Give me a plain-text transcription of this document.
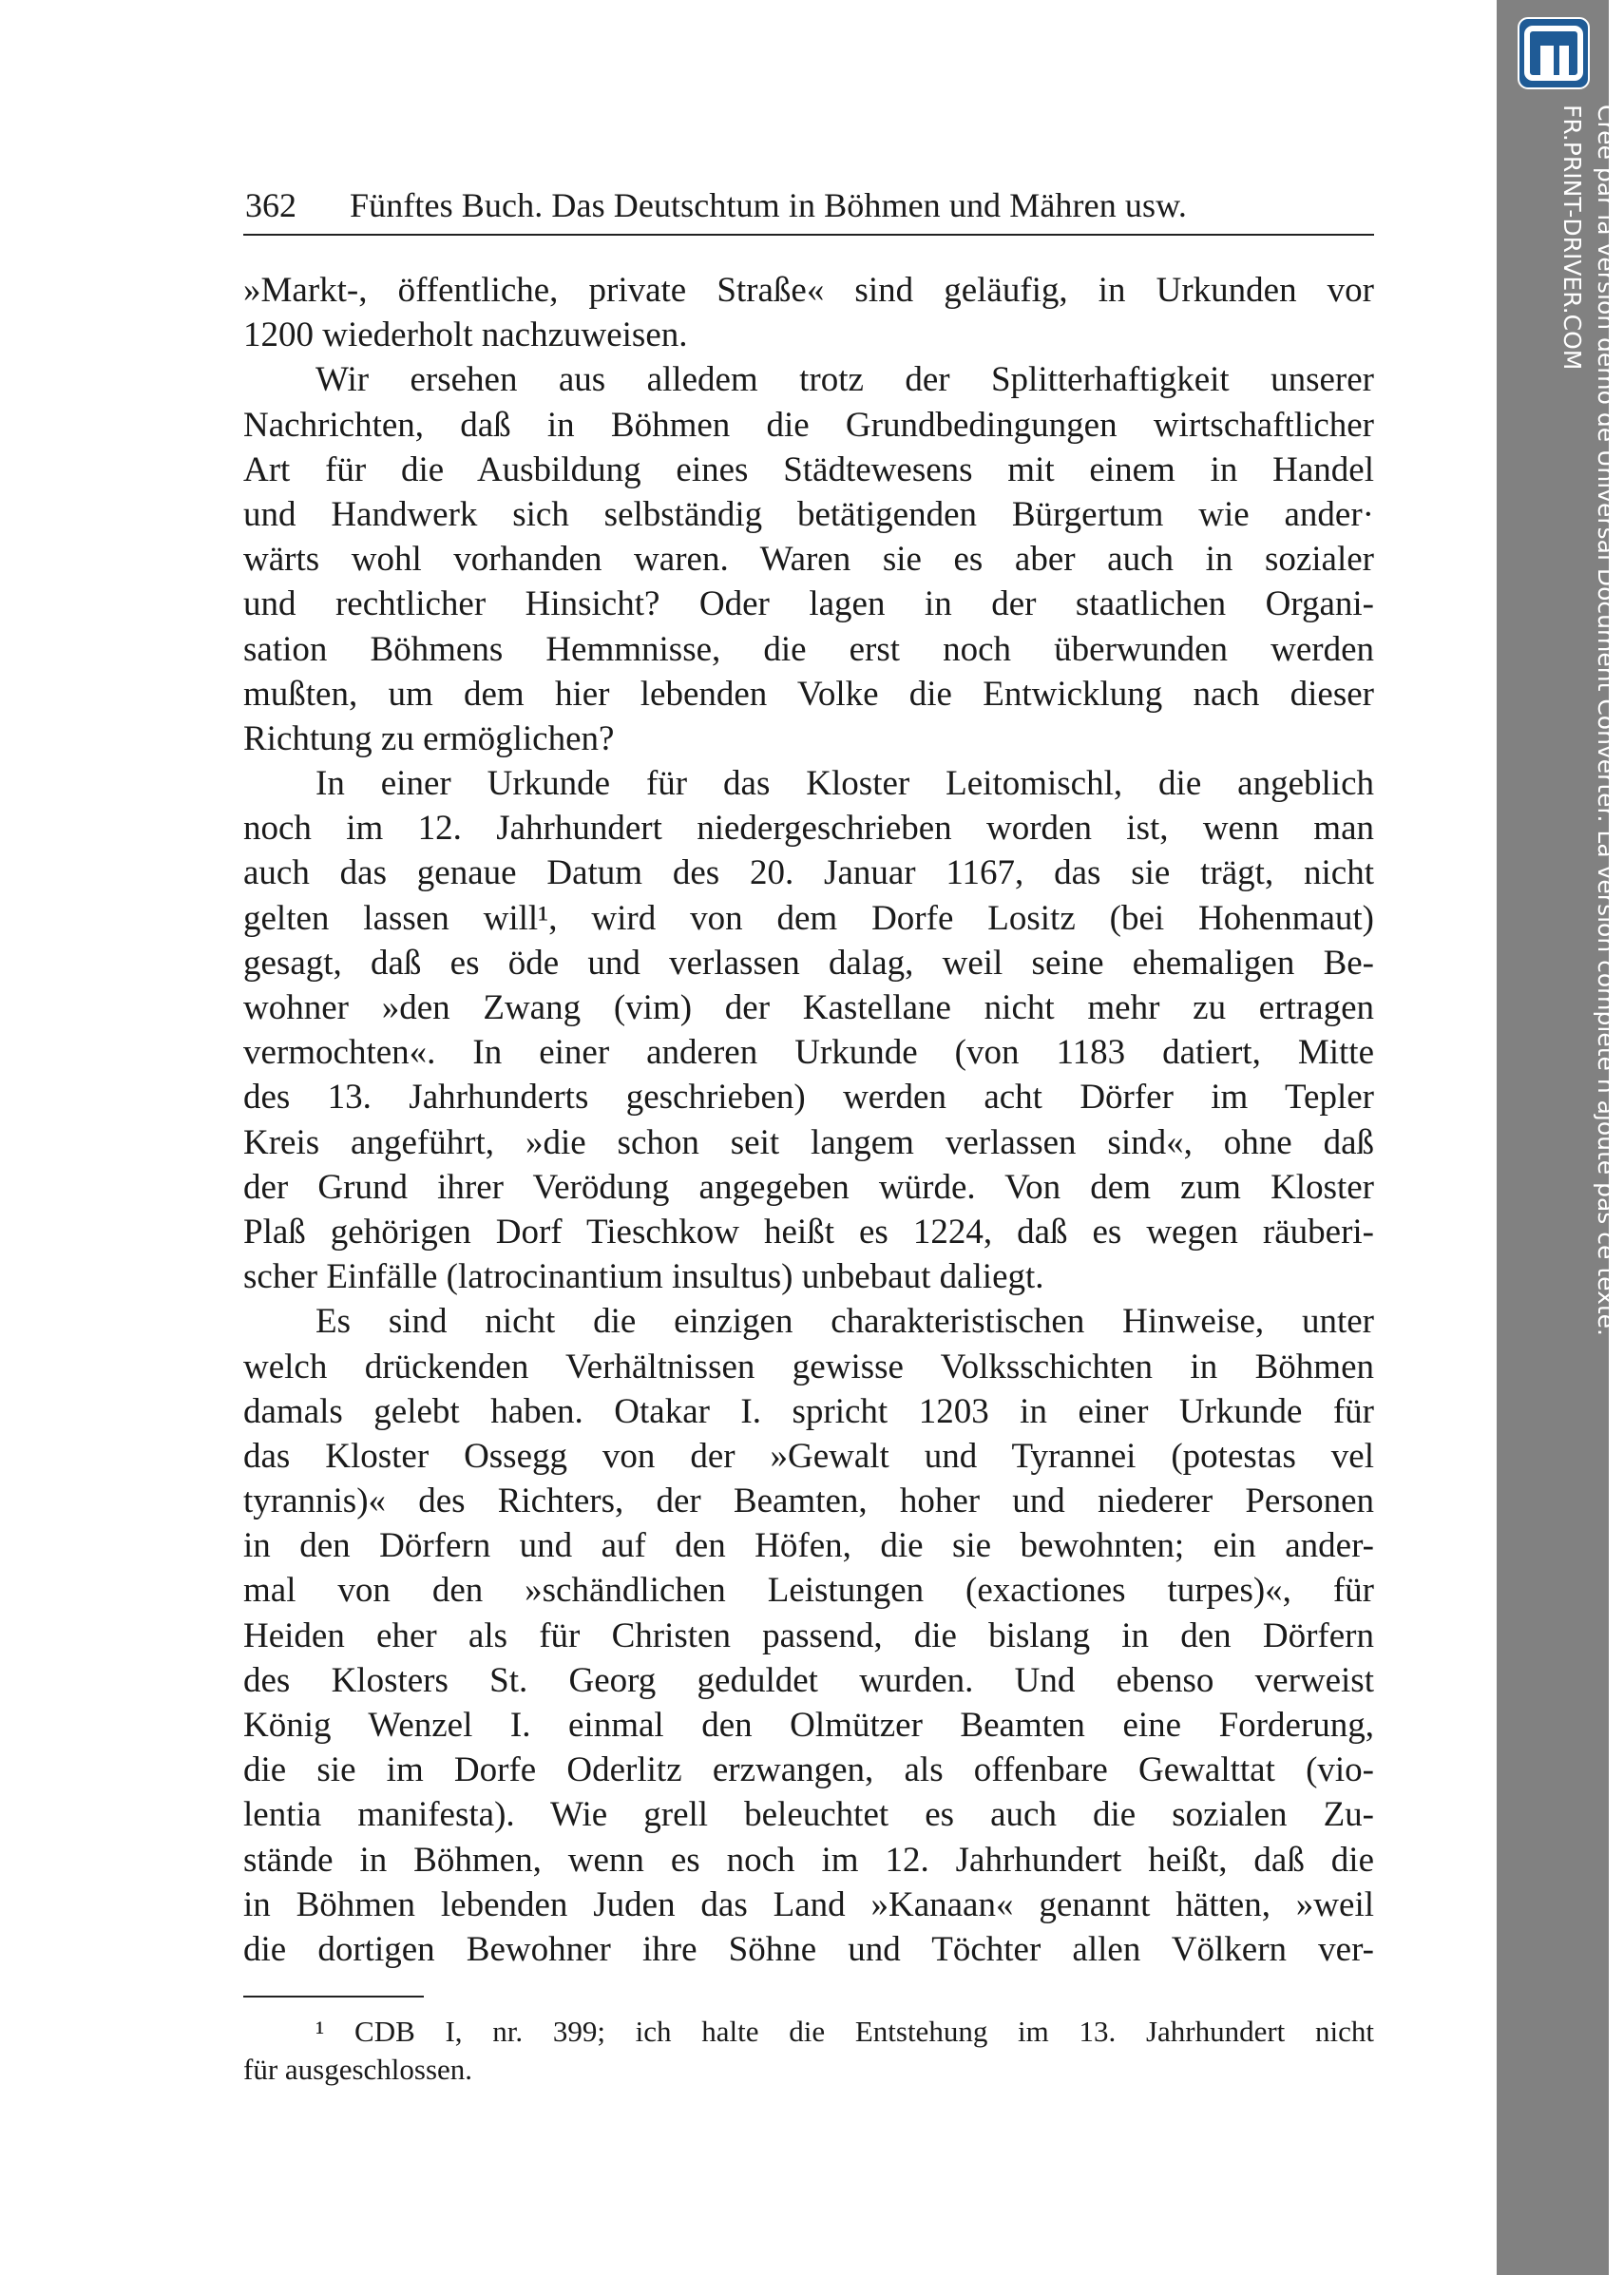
362	Fünftes Buch. Das Deutschtum in Böhmen und Mähren usw.
»Markt-, öffentliche, private Straße« sind geläufig, in Urkunden vor
1200 wiederholt nachzuweisen.
Wir ersehen aus alledem trotz der Splitterhaftigkeit unserer
Nachrichten, daß in Böhmen die Grundbedingungen wirtschaftlicher
Art für die Ausbildung eines Städtewesens mit einem in Handel
und Handwerk sich selbständig betätigenden Bürgertum wie ander·
wärts wohl vorhanden waren. Waren sie es aber auch in sozialer
und rechtlicher Hinsicht? Oder lagen in der staatlichen Organi-
sation Böhmens Hemmnisse, die erst noch überwunden werden
mußten, um dem hier lebenden Volke die Entwicklung nach dieser
Richtung zu ermöglichen?
In einer Urkunde für das Kloster Leitomischl, die angeblich
noch im 12. Jahrhundert niedergeschrieben worden ist, wenn man
auch das genaue Datum des 20. Januar 1167, das sie trägt, nicht
gelten lassen will¹, wird von dem Dorfe Lositz (bei Hohenmaut)
gesagt, daß es öde und verlassen dalag, weil seine ehemaligen Be-
wohner »den Zwang (vim) der Kastellane nicht mehr zu ertragen
vermochten«. In einer anderen Urkunde (von 1183 datiert, Mitte
des 13. Jahrhunderts geschrieben) werden acht Dörfer im Tepler
Kreis angeführt, »die schon seit langem verlassen sind«, ohne daß
der Grund ihrer Verödung angegeben würde. Von dem zum Kloster
Plaß gehörigen Dorf Tieschkow heißt es 1224, daß es wegen räuberi-
scher Einfälle (latrocinantium insultus) unbebaut daliegt.
Es sind nicht die einzigen charakteristischen Hinweise, unter
welch drückenden Verhältnissen gewisse Volksschichten in Böhmen
damals gelebt haben. Otakar I. spricht 1203 in einer Urkunde für
das Kloster Ossegg von der »Gewalt und Tyrannei (potestas vel
tyrannis)« des Richters, der Beamten, hoher und niederer Personen
in den Dörfern und auf den Höfen, die sie bewohnten; ein ander-
mal von den »schändlichen Leistungen (exactiones turpes)«, für
Heiden eher als für Christen passend, die bislang in den Dörfern
des Klosters St. Georg geduldet wurden. Und ebenso verweist
König Wenzel I. einmal den Olmützer Beamten eine Forderung,
die sie im Dorfe Oderlitz erzwangen, als offenbare Gewalttat (vio-
lentia manifesta). Wie grell beleuchtet es auch die sozialen Zu-
stände in Böhmen, wenn es noch im 12. Jahrhundert heißt, daß die
in Böhmen lebenden Juden das Land »Kanaan« genannt hätten, »weil
die dortigen Bewohner ihre Söhne und Töchter allen Völkern ver-
¹ CDB I, nr. 399; ich halte die Entstehung im 13. Jahrhundert nicht
für ausgeschlossen.
Créé par la version démo de Universal Document Converter. La version complète n'ajoute pas ce texte.
FR.PRINT-DRIVER.COM
